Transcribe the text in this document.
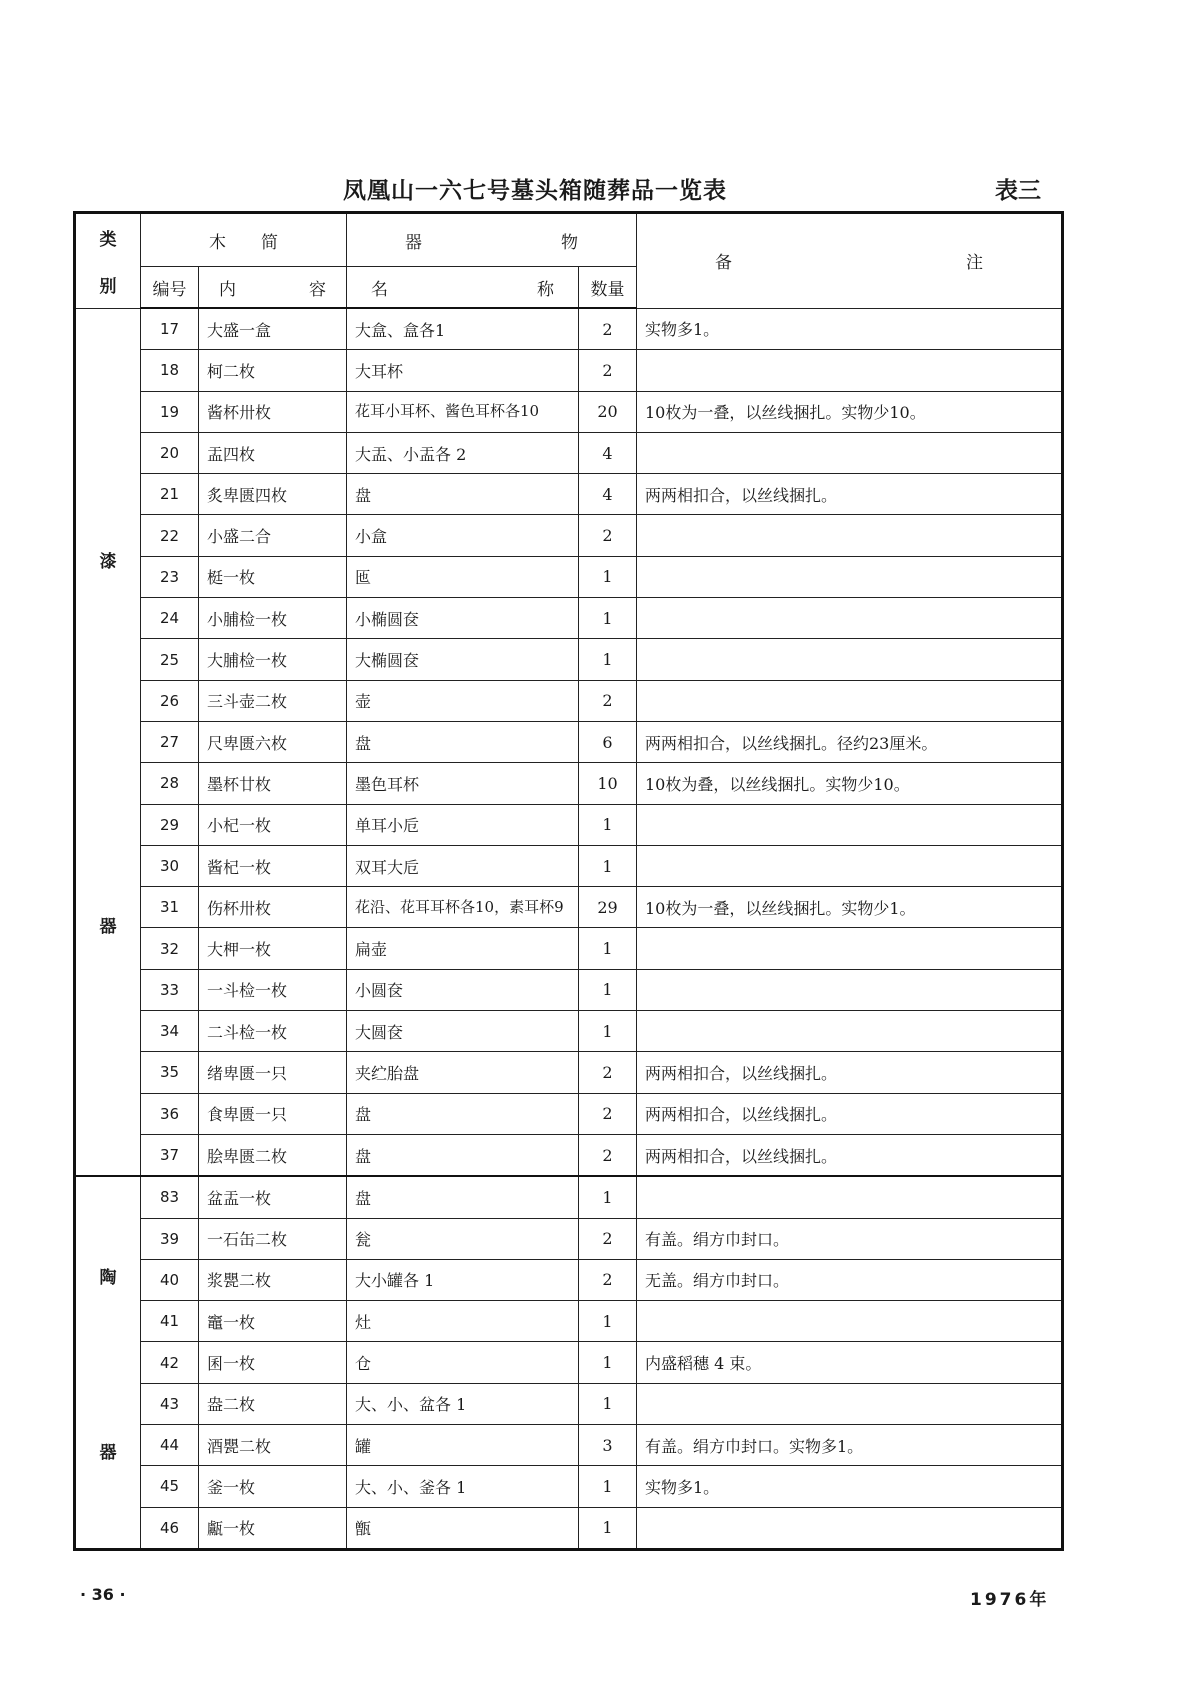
凤凰山一六七号墓头箱随葬品一览表	表三
类
别	木 简		器 物		备 注

	编号	内 容	名 称	数量	

漆
器	17	大盛一盒	大盒、盒各1	2	实物多1。
	18	柯二枚	大耳杯	2	
	19	酱杯卅枚	花耳小耳杯、酱色耳杯各10	20	10枚为一叠，以丝线捆扎。实物少10。
	20	盂四枚	大盂、小盂各 2	4	
	21	炙卑匮四枚	盘	4	两两相扣合，以丝线捆扎。
	22	小盛二合	小盒	2	
	23	梃一枚	匜	1	
	24	小脯检一枚	小椭圆奁	1	
	25	大脯检一枚	大椭圆奁	1	
	26	三斗壶二枚	壶	2	
	27	尺卑匮六枚	盘	6	两两相扣合，以丝线捆扎。径约23厘米。
	28	墨杯廿枚	墨色耳杯	10	10枚为叠，以丝线捆扎。实物少10。
	29	小杞一枚	单耳小卮	1	
	30	酱杞一枚	双耳大卮	1	
	31	伤杯卅枚	花沿、花耳耳杯各10，素耳杯9	29	10枚为一叠，以丝线捆扎。实物少1。
	32	大柙一枚	扁壶	1	
	33	一斗检一枚	小圆奁	1	
	34	二斗检一枚	大圆奁	1	
	35	绪卑匮一只	夹纻胎盘	2	两两相扣合，以丝线捆扎。
	36	食卑匮一只	盘	2	两两相扣合，以丝线捆扎。
	37	脍卑匮二枚	盘	2	两两相扣合，以丝线捆扎。

陶
器	83	盆盂一枚	盘	1	
	39	一石缶二枚	瓮	2	有盖。绢方巾封口。
	40	浆甖二枚	大小罐各 1	2	无盖。绢方巾封口。
	41	竈一枚	灶	1	
	42	囷一枚	仓	1	内盛稻穗 4 束。
	43	盎二枚	大、小、盆各 1	1	
	44	酒甖二枚	罐	3	有盖。绢方巾封口。实物多1。
	45	釜一枚	大、小、釜各 1	1	实物多1。
	46	甗一枚	甑	1	
· 36 ·	1976年
